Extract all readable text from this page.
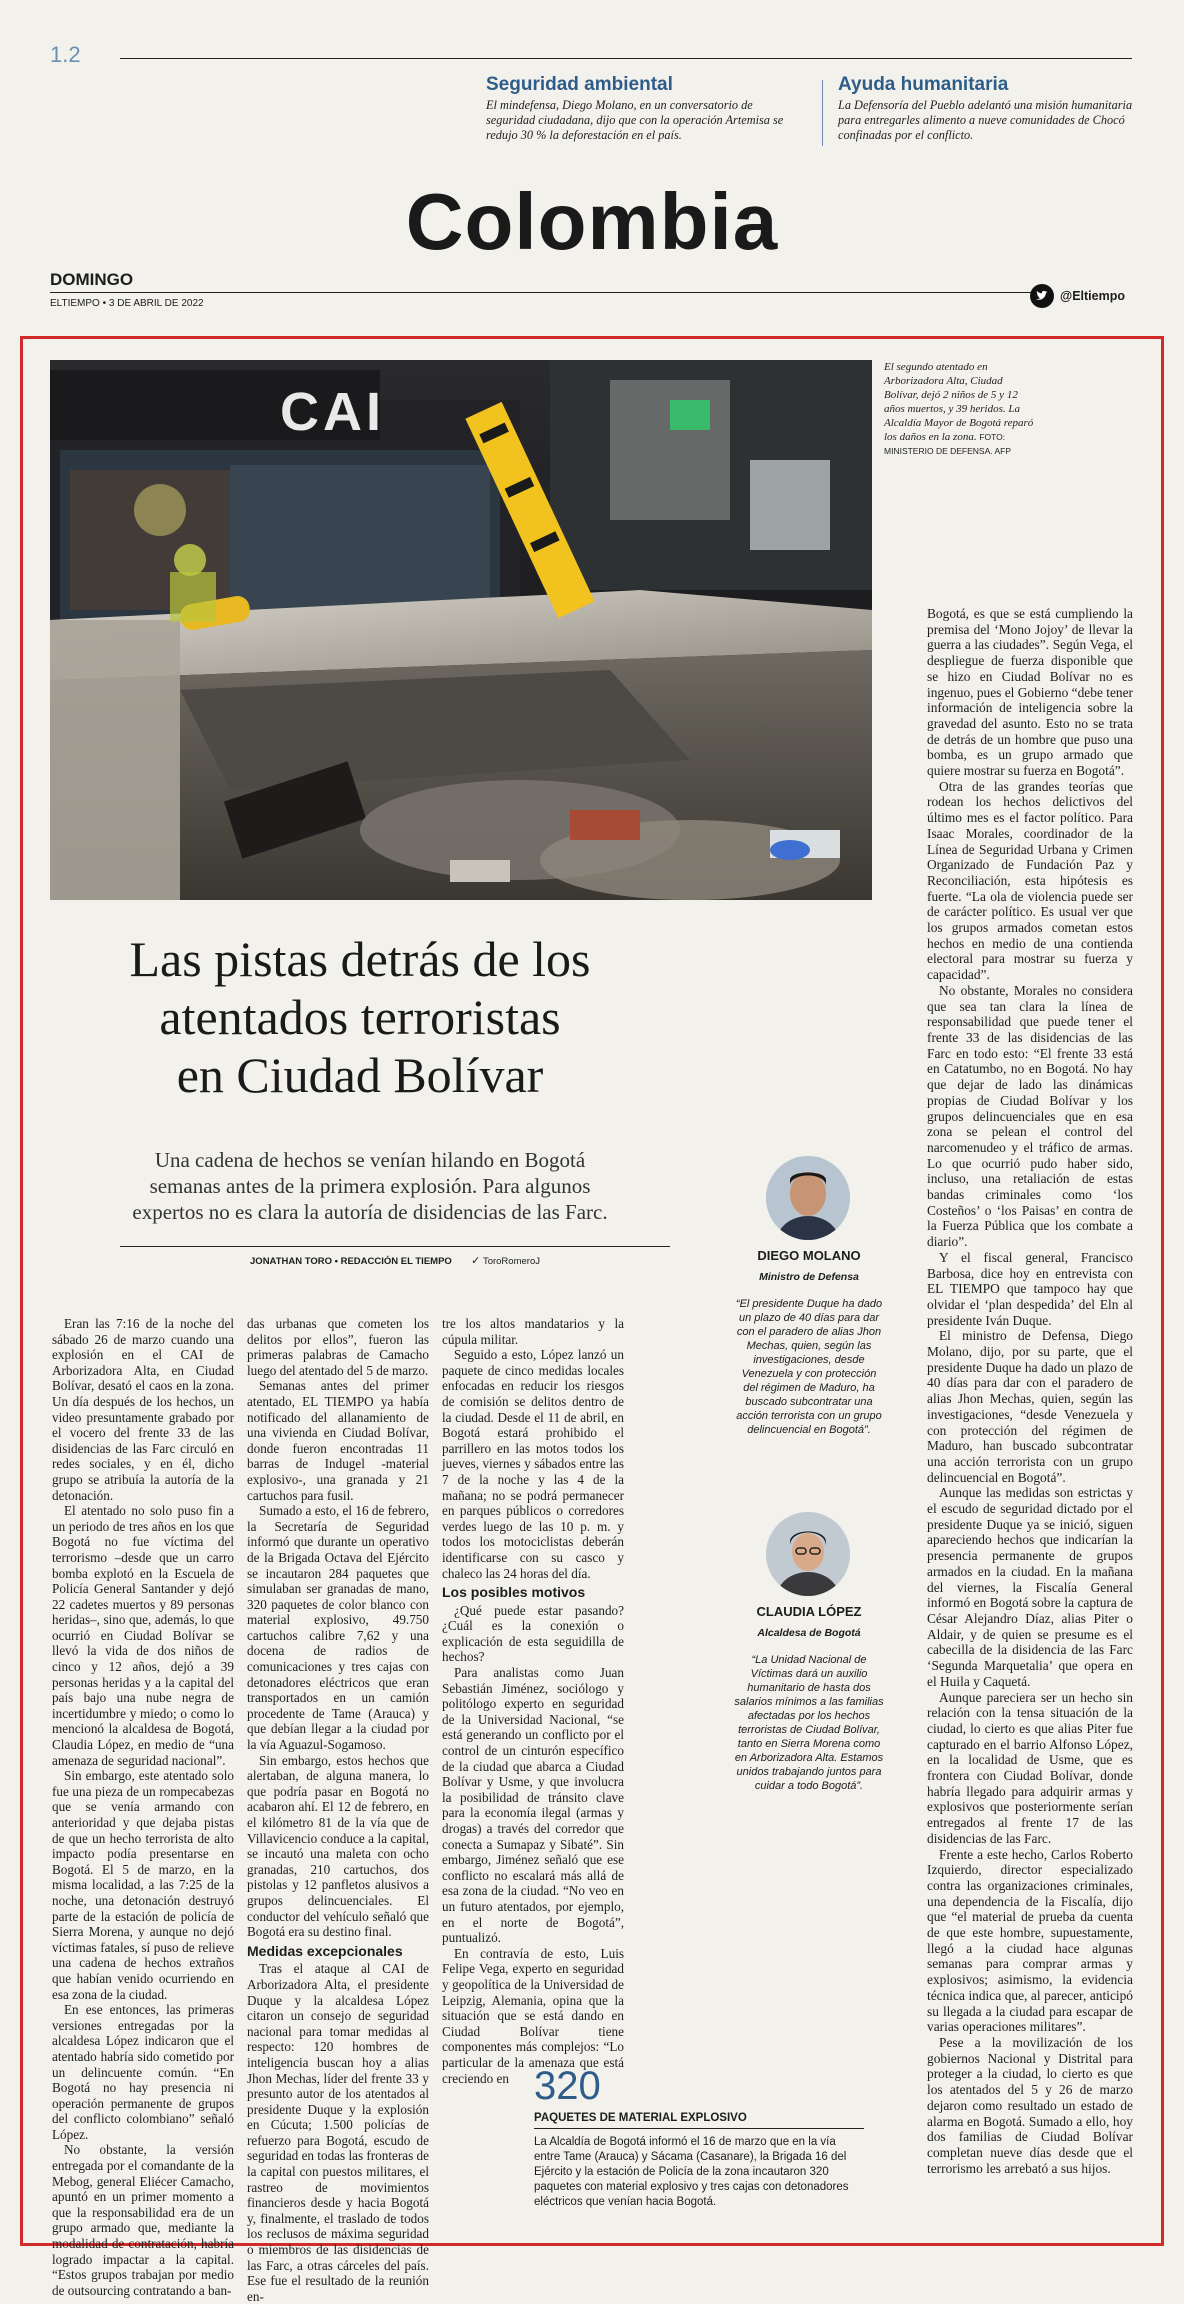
1.2
Seguridad ambiental
El mindefensa, Diego Molano, en un conversatorio de seguridad ciudadana, dijo que con la operación Artemisa se redujo 30 % la deforestación en el país.
Ayuda humanitaria
La Defensoría del Pueblo adelantó una misión humanitaria para entregarles alimento a nueve comunidades de Chocó confinadas por el conflicto.
Colombia
DOMINGO
ELTIEMPO • 3 DE ABRIL DE 2022
@Eltiempo
CAI
El segundo atentado en Arborizadora Alta, Ciudad Bolívar, dejó 2 niños de 5 y 12 años muertos, y 39 heridos. La Alcaldía Mayor de Bogotá reparó los daños en la zona. FOTO: MINISTERIO DE DEFENSA. AFP
Las pistas detrás de los
atentados terroristas
en Ciudad Bolívar
Una cadena de hechos se venían hilando en Bogotá
semanas antes de la primera explosión. Para algunos
expertos no es clara la autoría de disidencias de las Farc.
JONATHAN TORO • REDACCIÓN EL TIEMPO ✓ ToroRomeroJ

Eran las 7:16 de la noche del sábado 26 de marzo cuando una explosión en el CAI de Arborizadora Alta, en Ciudad Bolívar, desató el caos en la zona. Un día después de los hechos, un video presuntamente grabado por el vocero del frente 33 de las disidencias de las Farc circuló en redes sociales, y en él, dicho grupo se atribuía la autoría de la detonación.

El atentado no solo puso fin a un periodo de tres años en los que Bogotá no fue víctima del terrorismo –desde que un carro bomba explotó en la Escuela de Policía General Santander y dejó 22 cadetes muertos y 89 personas heridas–, sino que, además, lo que ocurrió en Ciudad Bolívar se llevó la vida de dos niños de cinco y 12 años, dejó a 39 personas heridas y a la capital del país bajo una nube negra de incertidumbre y miedo; o como lo mencionó la alcaldesa de Bogotá, Claudia López, en medio de “una amenaza de seguridad nacional”.

Sin embargo, este atentado solo fue una pieza de un rompecabezas que se venía armando con anterioridad y que dejaba pistas de que un hecho terrorista de alto impacto podía presentarse en Bogotá. El 5 de marzo, en la misma localidad, a las 7:25 de la noche, una detonación destruyó parte de la estación de policía de Sierra Morena, y aunque no dejó víctimas fatales, sí puso de relieve una cadena de hechos extraños que habían venido ocurriendo en esa zona de la ciudad.

En ese entonces, las primeras versiones entregadas por la alcaldesa López indicaron que el atentado habría sido cometido por un delincuente común. “En Bogotá no hay presencia ni operación permanente de grupos del conflicto colombiano” señaló López.

No obstante, la versión entregada por el comandante de la Mebog, general Eliécer Camacho, apuntó en un primer momento a que la responsabilidad era de un grupo armado que, mediante la modalidad de contratación, habría logrado impactar a la capital. “Estos grupos trabajan por medio de outsourcing contratando a ban-

das urbanas que cometen los delitos por ellos”, fueron las primeras palabras de Camacho luego del atentado del 5 de marzo.

Semanas antes del primer atentado, EL TIEMPO ya había notificado del allanamiento de una vivienda en Ciudad Bolívar, donde fueron encontradas 11 barras de Indugel -material explosivo-, una granada y 21 cartuchos para fusil.

Sumado a esto, el 16 de febrero, la Secretaría de Seguridad informó que durante un operativo de la Brigada Octava del Ejército se incautaron 284 paquetes que simulaban ser granadas de mano, 320 paquetes de color blanco con material explosivo, 49.750 cartuchos calibre 7,62 y una docena de radios de comunicaciones y tres cajas con detonadores eléctricos que eran transportados en un camión procedente de Tame (Arauca) y que debían llegar a la ciudad por la vía Aguazul-Sogamoso.

Sin embargo, estos hechos que alertaban, de alguna manera, lo que podría pasar en Bogotá no acabaron ahí. El 12 de febrero, en el kilómetro 81 de la vía que de Villavicencio conduce a la capital, se incautó una maleta con ocho granadas, 210 cartuchos, dos pistolas y 12 panfletos alusivos a grupos delincuenciales. El conductor del vehículo señaló que Bogotá era su destino final.

Medidas excepcionales

Tras el ataque al CAI de Arborizadora Alta, el presidente Duque y la alcaldesa López citaron un consejo de seguridad nacional para tomar medidas al respecto: 120 hombres de inteligencia buscan hoy a alias Jhon Mechas, líder del frente 33 y presunto autor de los atentados al presidente Duque y la explosión en Cúcuta; 1.500 policías de refuerzo para Bogotá, escudo de seguridad en todas las fronteras de la capital con puestos militares, el rastreo de movimientos financieros desde y hacia Bogotá y, finalmente, el traslado de todos los reclusos de máxima seguridad o miembros de las disidencias de las Farc, a otras cárceles del país. Ese fue el resultado de la reunión en-

tre los altos mandatarios y la cúpula militar.

Seguido a esto, López lanzó un paquete de cinco medidas locales enfocadas en reducir los riesgos de comisión se delitos dentro de la ciudad. Desde el 11 de abril, en Bogotá estará prohibido el parrillero en las motos todos los jueves, viernes y sábados entre las 7 de la noche y las 4 de la mañana; no se podrá permanecer en parques públicos o corredores verdes luego de las 10 p. m. y todos los motociclistas deberán identificarse con su casco y chaleco las 24 horas del día.

Los posibles motivos

¿Qué puede estar pasando? ¿Cuál es la conexión o explicación de esta seguidilla de hechos?

Para analistas como Juan Sebastián Jiménez, sociólogo y politólogo experto en seguridad de la Universidad Nacional, “se está generando un conflicto por el control de un cinturón específico de la ciudad que abarca a Ciudad Bolívar y Usme, y que involucra la posibilidad de tránsito clave para la economía ilegal (armas y drogas) a través del corredor que conecta a Sumapaz y Sibaté”. Sin embargo, Jiménez señaló que ese conflicto no escalará más allá de esa zona de la ciudad. “No veo en un futuro atentados, por ejemplo, en el norte de Bogotá”, puntualizó.

En contravía de esto, Luis Felipe Vega, experto en seguridad y geopolítica de la Universidad de Leipzig, Alemania, opina que la situación que se está dando en Ciudad Bolívar tiene componentes más complejos: “Lo particular de la amenaza que está creciendo en

DIEGO MOLANO
Ministro de Defensa
“El presidente Duque ha dado un plazo de 40 días para dar con el paradero de alias Jhon Mechas, quien, según las investigaciones, desde Venezuela y con protección del régimen de Maduro, ha buscado subcontratar una acción terrorista con un grupo delincuencial en Bogotá”.
CLAUDIA LÓPEZ
Alcaldesa de Bogotá
“La Unidad Nacional de Víctimas dará un auxilio humanitario de hasta dos salarios mínimos a las familias afectadas por los hechos terroristas de Ciudad Bolívar, tanto en Sierra Morena como en Arborizadora Alta. Estamos unidos trabajando juntos para cuidar a todo Bogotá”.

Bogotá, es que se está cumpliendo la premisa del ‘Mono Jojoy’ de llevar la guerra a las ciudades”. Según Vega, el despliegue de fuerza disponible que se hizo en Ciudad Bolívar no es ingenuo, pues el Gobierno “debe tener información de inteligencia sobre la gravedad del asunto. Esto no se trata de detrás de un hombre que puso una bomba, es un grupo armado que quiere mostrar su fuerza en Bogotá”.

Otra de las grandes teorías que rodean los hechos delictivos del último mes es el factor político. Para Isaac Morales, coordinador de la Línea de Seguridad Urbana y Crimen Organizado de Fundación Paz y Reconciliación, esta hipótesis es fuerte. “La ola de violencia puede ser de carácter político. Es usual ver que los grupos armados cometan estos hechos en medio de una contienda electoral para mostrar su fuerza y capacidad”.

No obstante, Morales no considera que sea tan clara la línea de responsabilidad que puede tener el frente 33 de las disidencias de las Farc en todo esto: “El frente 33 está en Catatumbo, no en Bogotá. No hay que dejar de lado las dinámicas propias de Ciudad Bolívar y los grupos delincuenciales que en esa zona se pelean el control del narcomenudeo y el tráfico de armas. Lo que ocurrió pudo haber sido, incluso, una retaliación de estas bandas criminales como ‘los Costeños’ o ‘los Paisas’ en contra de la Fuerza Pública que los combate a diario”.

Y el fiscal general, Francisco Barbosa, dice hoy en entrevista con EL TIEMPO que tampoco hay que olvidar el ‘plan despedida’ del Eln al presidente Iván Duque.

El ministro de Defensa, Diego Molano, dijo, por su parte, que el presidente Duque ha dado un plazo de 40 días para dar con el paradero de alias Jhon Mechas, quien, según las investigaciones, “desde Venezuela y con protección del régimen de Maduro, han buscado subcontratar una acción terrorista con un grupo delincuencial en Bogotá”.

Aunque las medidas son estrictas y el escudo de seguridad dictado por el presidente Duque ya se inició, siguen apareciendo hechos que indicarían la presencia permanente de grupos armados en la ciudad. En la mañana del viernes, la Fiscalía General informó en Bogotá sobre la captura de César Alejandro Díaz, alias Piter o Aldair, y de quien se presume es el cabecilla de la disidencia de las Farc ‘Segunda Marquetalia’ que opera en el Huila y Caquetá.

Aunque pareciera ser un hecho sin relación con la tensa situación de la ciudad, lo cierto es que alias Piter fue capturado en el barrio Alfonso López, en la localidad de Usme, que es frontera con Ciudad Bolívar, donde habría llegado para adquirir armas y explosivos que posteriormente serían entregados al frente 17 de las disidencias de las Farc.

Frente a este hecho, Carlos Roberto Izquierdo, director especializado contra las organizaciones criminales, una dependencia de la Fiscalía, dijo que “el material de prueba da cuenta de que este hombre, supuestamente, llegó a la ciudad hace algunas semanas para comprar armas y explosivos; asimismo, la evidencia técnica indica que, al parecer, anticipó su llegada a la ciudad para escapar de varias operaciones militares”.

Pese a la movilización de los gobiernos Nacional y Distrital para proteger a la ciudad, lo cierto es que los atentados del 5 y 26 de marzo dejaron como resultado un estado de alarma en Bogotá. Sumado a ello, hoy dos familias de Ciudad Bolívar completan nueve días desde que el terrorismo les arrebató a sus hijos.

320
PAQUETES DE MATERIAL EXPLOSIVO
La Alcaldía de Bogotá informó el 16 de marzo que en la vía entre Tame (Arauca) y Sácama (Casanare), la Brigada 16 del Ejército y la estación de Policía de la zona incautaron 320 paquetes con material explosivo y tres cajas con detonadores eléctricos que venían hacia Bogotá.
